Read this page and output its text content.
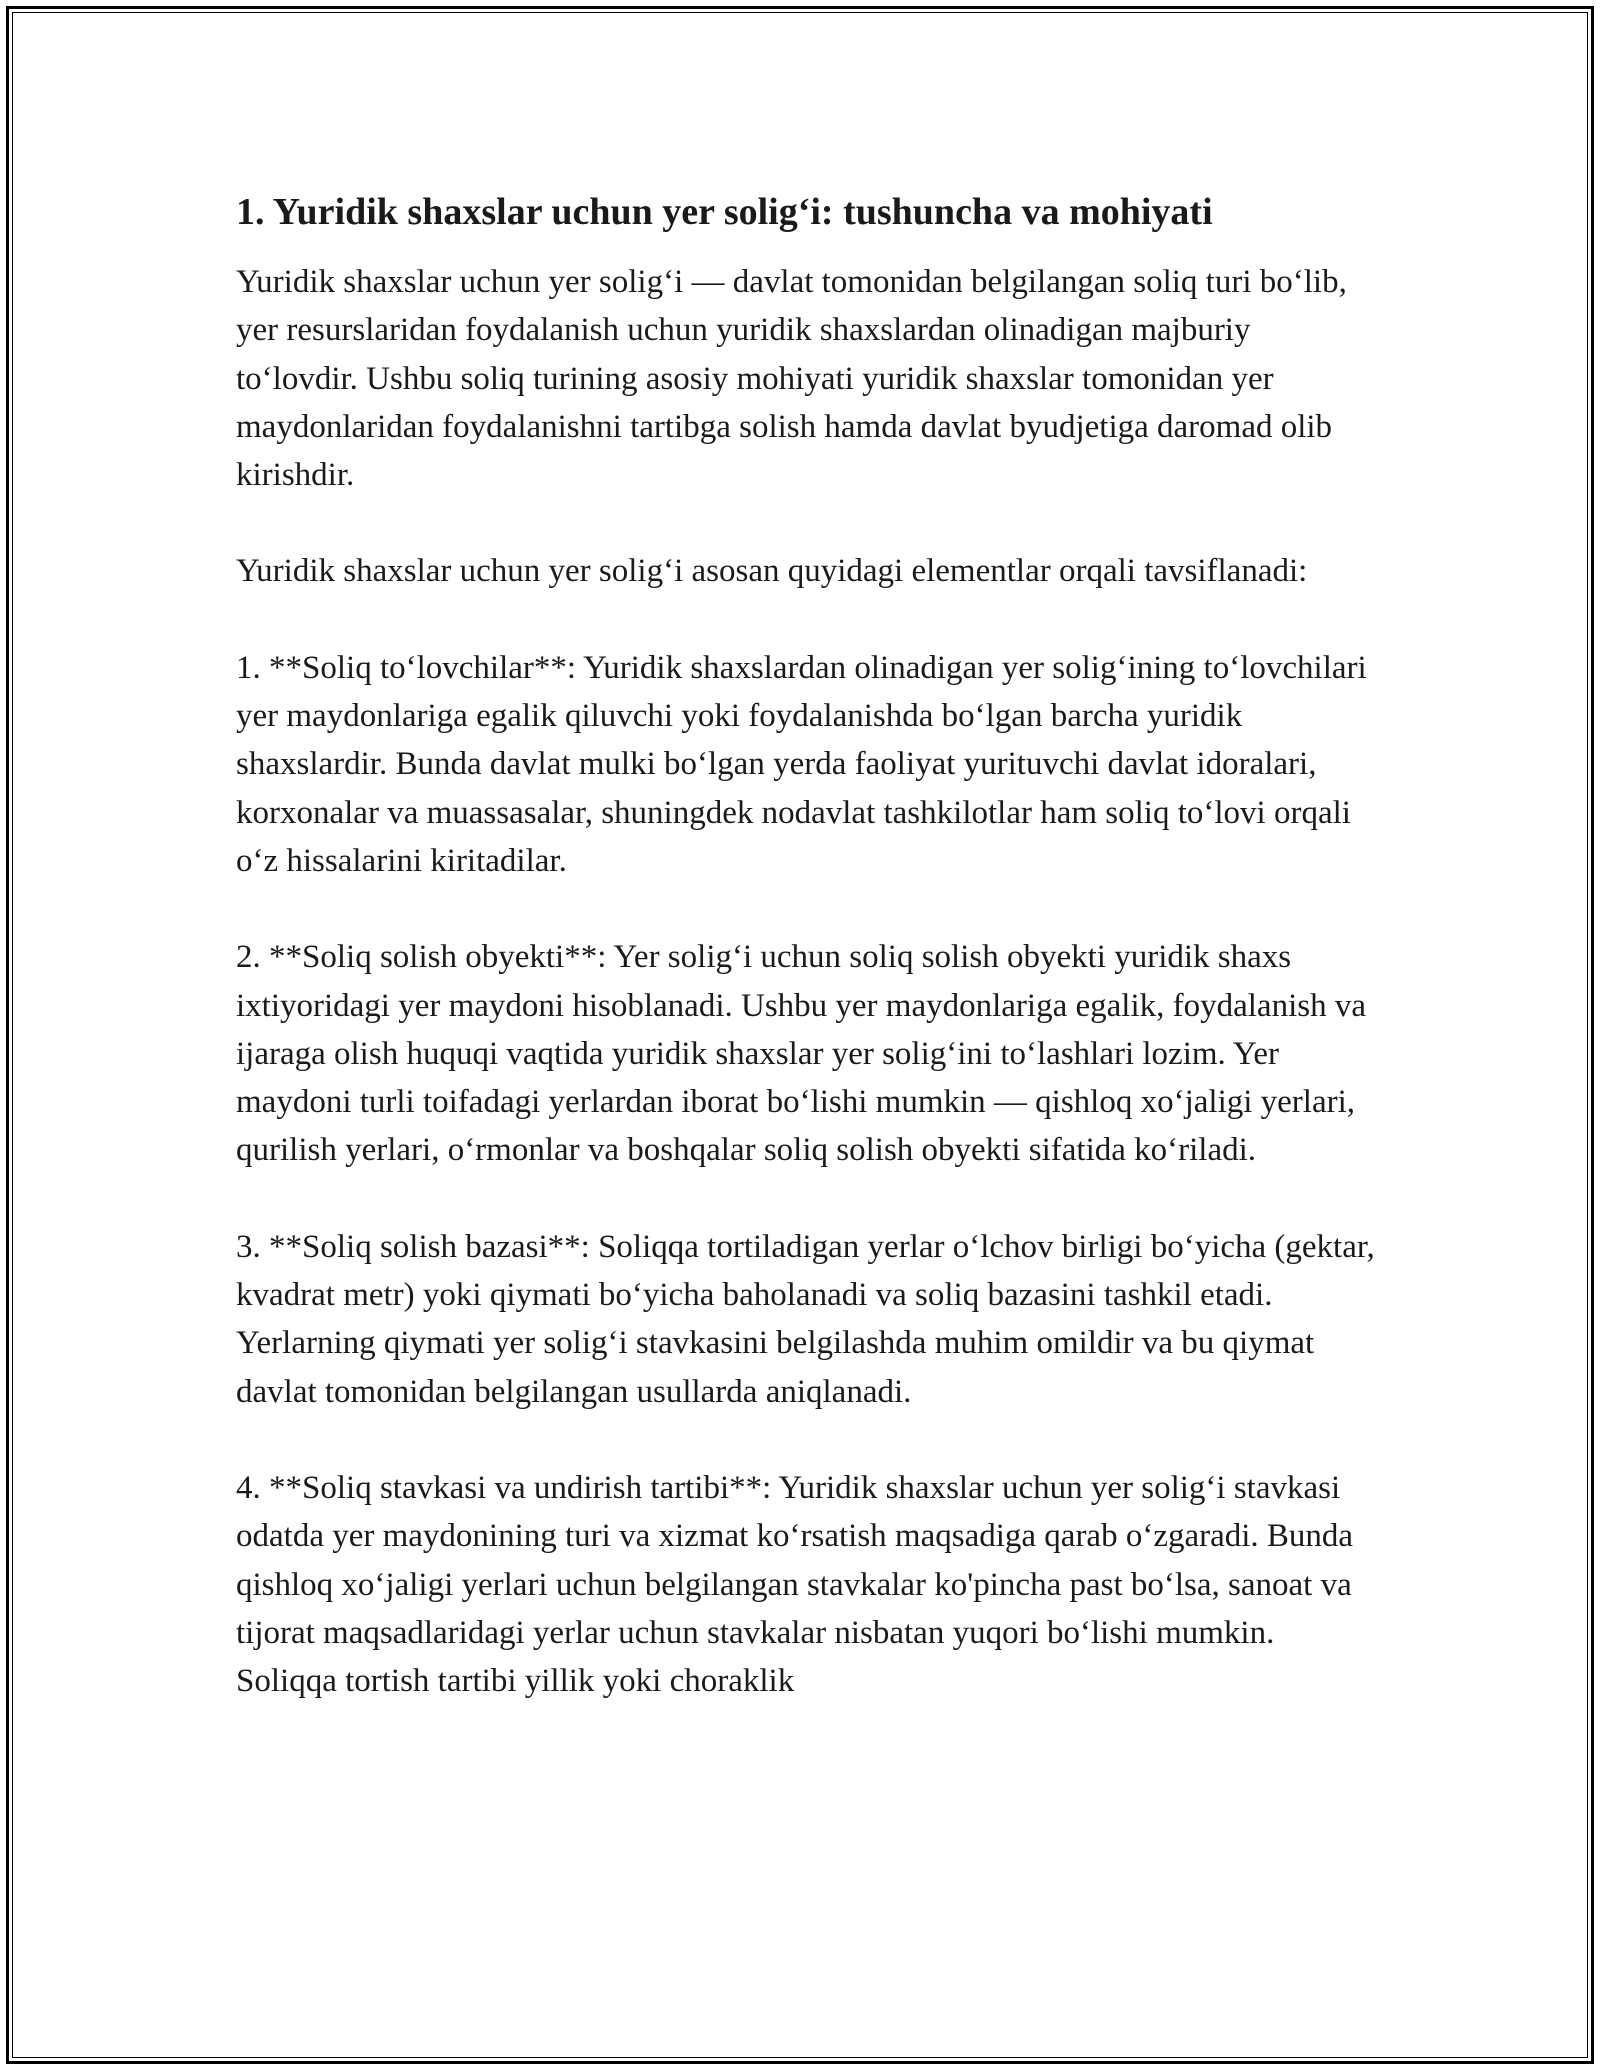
1. Yuridik shaxslar uchun yer solig‘i: tushuncha va mohiyati

Yuridik shaxslar uchun yer solig‘i — davlat tomonidan belgilangan soliq turi bo‘lib, yer resurslaridan foydalanish uchun yuridik shaxslardan olinadigan majburiy to‘lovdir. Ushbu soliq turining asosiy mohiyati yuridik shaxslar tomonidan yer maydonlaridan foydalanishni tartibga solish hamda davlat byudjetiga daromad olib kirishdir.

Yuridik shaxslar uchun yer solig‘i asosan quyidagi elementlar orqali tavsiflanadi:

1. **Soliq to‘lovchilar**: Yuridik shaxslardan olinadigan yer solig‘ining to‘lovchilari yer maydonlariga egalik qiluvchi yoki foydalanishda bo‘lgan barcha yuridik shaxslardir. Bunda davlat mulki bo‘lgan yerda faoliyat yurituvchi davlat idoralari, korxonalar va muassasalar, shuningdek nodavlat tashkilotlar ham soliq to‘lovi orqali o‘z hissalarini kiritadilar.

2. **Soliq solish obyekti**: Yer solig‘i uchun soliq solish obyekti yuridik shaxs ixtiyoridagi yer maydoni hisoblanadi. Ushbu yer maydonlariga egalik, foydalanish va ijaraga olish huquqi vaqtida yuridik shaxslar yer solig‘ini to‘lashlari lozim. Yer maydoni turli toifadagi yerlardan iborat bo‘lishi mumkin — qishloq xo‘jaligi yerlari, qurilish yerlari, o‘rmonlar va boshqalar soliq solish obyekti sifatida ko‘riladi.

3. **Soliq solish bazasi**: Soliqqa tortiladigan yerlar o‘lchov birligi bo‘yicha (gektar, kvadrat metr) yoki qiymati bo‘yicha baholanadi va soliq bazasini tashkil etadi. Yerlarning qiymati yer solig‘i stavkasini belgilashda muhim omildir va bu qiymat davlat tomonidan belgilangan usullarda aniqlanadi.

4. **Soliq stavkasi va undirish tartibi**: Yuridik shaxslar uchun yer solig‘i stavkasi odatda yer maydonining turi va xizmat ko‘rsatish maqsadiga qarab o‘zgaradi. Bunda qishloq xo‘jaligi yerlari uchun belgilangan stavkalar ko'pincha past bo‘lsa, sanoat va tijorat maqsadlaridagi yerlar uchun stavkalar nisbatan yuqori bo‘lishi mumkin. Soliqqa tortish tartibi yillik yoki choraklik
